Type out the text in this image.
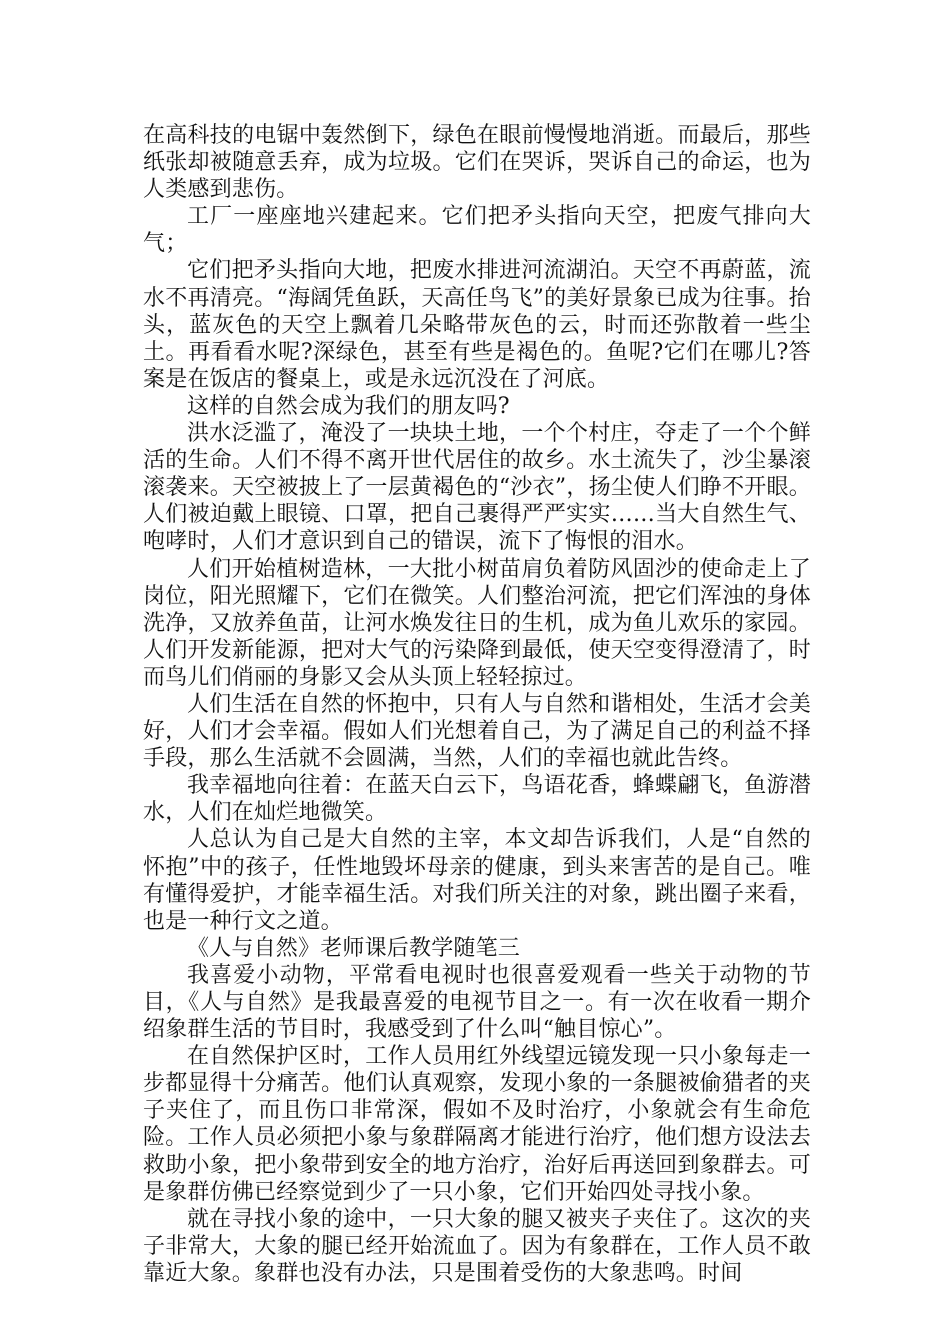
在高科技的电锯中轰然倒下，绿色在眼前慢慢地消逝。而最后，那些纸张却被随意丢弃，成为垃圾。它们在哭诉，哭诉自己的命运，也为人类感到悲伤。

工厂一座座地兴建起来。它们把矛头指向天空，把废气排向大气；

它们把矛头指向大地，把废水排进河流湖泊。天空不再蔚蓝，流水不再清亮。“海阔凭鱼跃，天高任鸟飞”的美好景象已成为往事。抬头，蓝灰色的天空上飘着几朵略带灰色的云，时而还弥散着一些尘土。再看看水呢?深绿色，甚至有些是褐色的。鱼呢?它们在哪儿?答案是在饭店的餐桌上，或是永远沉没在了河底。

这样的自然会成为我们的朋友吗?

洪水泛滥了，淹没了一块块土地，一个个村庄，夺走了一个个鲜活的生命。人们不得不离开世代居住的故乡。水土流失了，沙尘暴滚滚袭来。天空被披上了一层黄褐色的“沙衣”，扬尘使人们睁不开眼。人们被迫戴上眼镜、口罩，把自己裹得严严实实……当大自然生气、咆哮时，人们才意识到自己的错误，流下了悔恨的泪水。

人们开始植树造林，一大批小树苗肩负着防风固沙的使命走上了岗位，阳光照耀下，它们在微笑。人们整治河流，把它们浑浊的身体洗净，又放养鱼苗，让河水焕发往日的生机，成为鱼儿欢乐的家园。人们开发新能源，把对大气的污染降到最低，使天空变得澄清了，时而鸟儿们俏丽的身影又会从头顶上轻轻掠过。

人们生活在自然的怀抱中，只有人与自然和谐相处，生活才会美好，人们才会幸福。假如人们光想着自己，为了满足自己的利益不择手段，那么生活就不会圆满，当然，人们的幸福也就此告终。

我幸福地向往着：在蓝天白云下，鸟语花香，蜂蝶翩飞，鱼游潜水，人们在灿烂地微笑。

人总认为自己是大自然的主宰，本文却告诉我们，人是“自然的怀抱”中的孩子，任性地毁坏母亲的健康，到头来害苦的是自己。唯有懂得爱护，才能幸福生活。对我们所关注的对象，跳出圈子来看，也是一种行文之道。

《人与自然》老师课后教学随笔三

我喜爱小动物，平常看电视时也很喜爱观看一些关于动物的节目，《人与自然》是我最喜爱的电视节目之一。有一次在收看一期介绍象群生活的节目时，我感受到了什么叫“触目惊心”。

在自然保护区时，工作人员用红外线望远镜发现一只小象每走一步都显得十分痛苦。他们认真观察，发现小象的一条腿被偷猎者的夹子夹住了，而且伤口非常深，假如不及时治疗，小象就会有生命危险。工作人员必须把小象与象群隔离才能进行治疗，他们想方设法去救助小象，把小象带到安全的地方治疗，治好后再送回到象群去。可是象群仿佛已经察觉到少了一只小象，它们开始四处寻找小象。

就在寻找小象的途中，一只大象的腿又被夹子夹住了。这次的夹子非常大，大象的腿已经开始流血了。因为有象群在，工作人员不敢靠近大象。象群也没有办法，只是围着受伤的大象悲鸣。时间
